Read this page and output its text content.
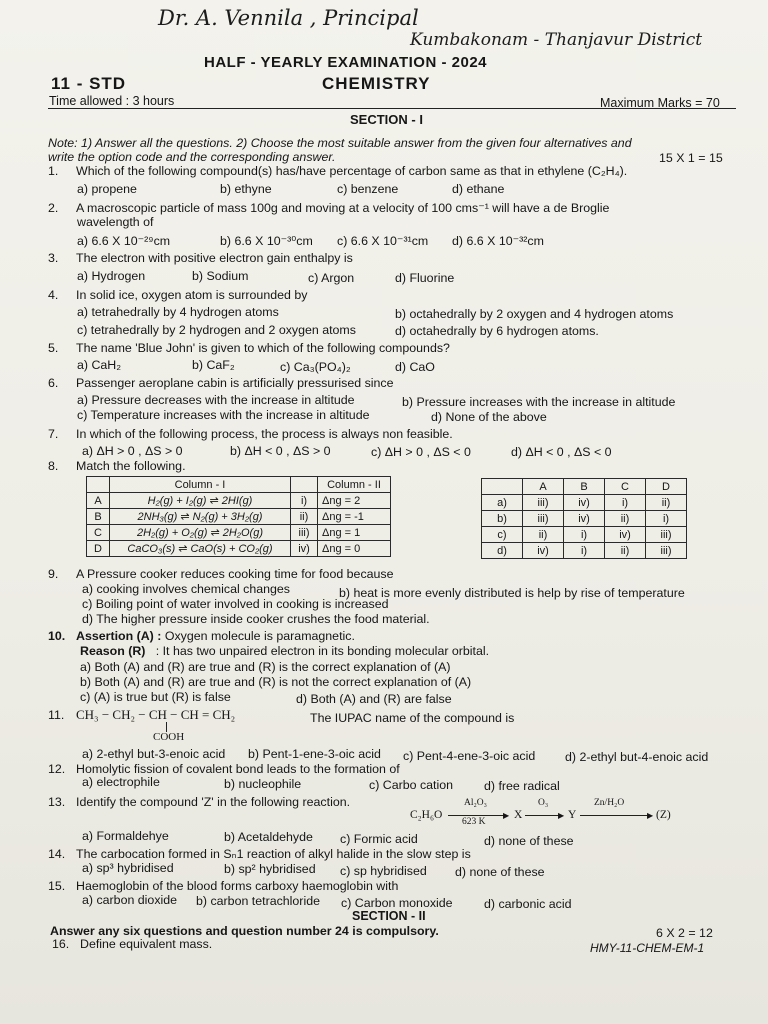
Dr. A. Vennila , Principal
Kumbakonam - Thanjavur District
HALF - YEARLY EXAMINATION - 2024
11 - STD	CHEMISTRY
Time allowed : 3 hours	Maximum Marks = 70
SECTION - I
Note: 1) Answer all the questions. 2) Choose the most suitable answer from the given four alternatives and
write the option code and the corresponding answer.	15 X 1 = 15
1. Which of the following compound(s) has/have percentage of carbon same as that in ethylene (C₂H₄).
a) propene	b) ethyne	c) benzene	d) ethane
2. A macroscopic particle of mass 100g and moving at a velocity of 100 cms⁻¹ will have a de Broglie
wavelength of
a) 6.6 X 10⁻²⁹cm	b) 6.6 X 10⁻³⁰cm c) 6.6 X 10⁻³¹cm d) 6.6 X 10⁻³²cm
3. The electron with positive electron gain enthalpy is
a) Hydrogen	b) Sodium	c) Argon	d) Fluorine
4. In solid ice, oxygen atom is surrounded by
a) tetrahedrally by 4 hydrogen atoms	b) octahedrally by 2 oxygen and 4 hydrogen atoms
c) tetrahedrally by 2 hydrogen and 2 oxygen atoms	d) octahedrally by 6 hydrogen atoms.
5. The name 'Blue John' is given to which of the following compounds?
a) CaH₂	b) CaF₂	c) Ca₃(PO₄)₂	d) CaO
6. Passenger aeroplane cabin is artificially pressurised since
a) Pressure decreases with the increase in altitude	b) Pressure increases with the increase in altitude
c) Temperature increases with the increase in altitude	d) None of the above
7. In which of the following process, the process is always non feasible.
a) ΔH > 0 , ΔS > 0	b) ΔH < 0 , ΔS > 0	c) ΔH > 0 , ΔS < 0	d) ΔH < 0 , ΔS < 0
8. Match the following.
	Column - I		Column - II
A	H₂(g) + I₂(g) ⇌ 2HI(g)	i)	Δnɡ = 2
B	2NH₃(g) ⇌ N₂(g) + 3H₂(g)	ii)	Δnɡ = -1
C	2H₂(g) + O₂(g) ⇌ 2H₂O(g)	iii)	Δnɡ = 1
D	CaCO₃(s) ⇌ CaO(s) + CO₂(g)	iv)	Δnɡ = 0
	A	B	C	D
a)	iii)	iv)	i)	ii)
b)	iii)	iv)	ii)	i)
c)	ii)	i)	iv)	iii)
d)	iv)	i)	ii)	iii)
9. A Pressure cooker reduces cooking time for food because
a) cooking involves chemical changes	b) heat is more evenly distributed is help by rise of temperature
c) Boiling point of water involved in cooking is increased
d) The higher pressure inside cooker crushes the food material.
10. Assertion (A) : Oxygen molecule is paramagnetic.
Reason (R) : It has two unpaired electron in its bonding molecular orbital.
a) Both (A) and (R) are true and (R) is the correct explanation of (A)
b) Both (A) and (R) are true and (R) is not the correct explanation of (A)
c) (A) is true but (R) is false	d) Both (A) and (R) are false
11. CH₃ − CH₂ − CH − CH = CH₂
COOH
The IUPAC name of the compound is
a) 2-ethyl but-3-enoic acid b) Pent-1-ene-3-oic acid c) Pent-4-ene-3-oic acid d) 2-ethyl but-4-enoic acid
12. Homolytic fission of covalent bond leads to the formation of
a) electrophile	b) nucleophile	c) Carbo cation d) free radical
13. Identify the compound 'Z' in the following reaction.
C₂H₆O
Al₂O₃
▶
623 K
X
O₃
▶ Y
Zn/H₂O
▶ (Z)
a) Formaldehye	b) Acetaldehyde c) Formic acid	d) none of these
14. The carbocation formed in Sₙ1 reaction of alkyl halide in the slow step is
a) sp³ hybridised	b) sp² hybridised c) sp hybridised d) none of these
15. Haemoglobin of the blood forms carboxy haemoglobin with
a) carbon dioxide b) carbon tetrachloride c) Carbon monoxide	d) carbonic acid
SECTION - II
Answer any six questions and question number 24 is compulsory.	6 X 2 = 12
16. Define equivalent mass.	HMY-11-CHEM-EM-1
